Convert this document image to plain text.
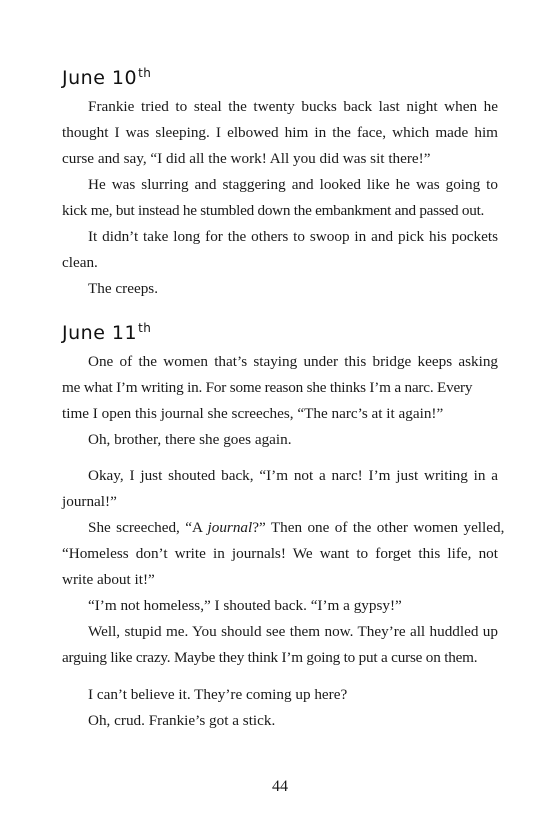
June 10th
Frankie tried to steal the twenty bucks back last night when he
thought I was sleeping. I elbowed him in the face, which made him
curse and say, “I did all the work! All you did was sit there!”
He was slurring and staggering and looked like he was going to
kick me, but instead he stumbled down the embankment and passed out.
It didn’t take long for the others to swoop in and pick his pockets
clean.
The creeps.
June 11th
One of the women that’s staying under this bridge keeps asking
me what I’m writing in. For some reason she thinks I’m a narc. Every
time I open this journal she screeches, “The narc’s at it again!”
Oh, brother, there she goes again.
Okay, I just shouted back, “I’m not a narc! I’m just writing in a
journal!”
She screeched, “A journal?” Then one of the other women yelled,
“Homeless don’t write in journals! We want to forget this life, not
write about it!”
“I’m not homeless,” I shouted back. “I’m a gypsy!”
Well, stupid me. You should see them now. They’re all huddled up
arguing like crazy. Maybe they think I’m going to put a curse on them.
I can’t believe it. They’re coming up here?
Oh, crud. Frankie’s got a stick.
44
